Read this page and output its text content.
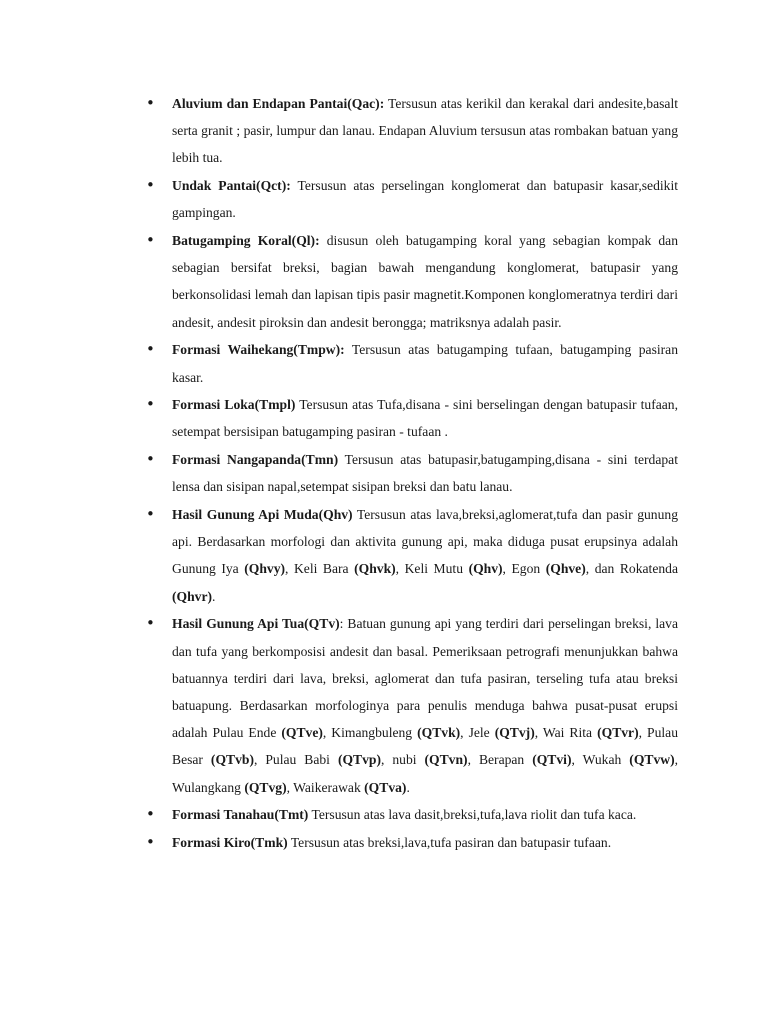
• Aluvium dan Endapan Pantai(Qac): Tersusun atas kerikil dan kerakal dari andesite,basalt serta granit ; pasir, lumpur dan lanau. Endapan Aluvium tersusun atas rombakan batuan yang lebih tua.
• Undak Pantai(Qct): Tersusun atas perselingan konglomerat dan batupasir kasar,sedikit gampingan.
• Batugamping Koral(Ql): disusun oleh batugamping koral yang sebagian kompak dan sebagian bersifat breksi, bagian bawah mengandung konglomerat, batupasir yang berkonsolidasi lemah dan lapisan tipis pasir magnetit.Komponen konglomeratnya terdiri dari andesit, andesit piroksin dan andesit berongga; matriksnya adalah pasir.
• Formasi Waihekang(Tmpw): Tersusun atas batugamping tufaan, batugamping pasiran kasar.
• Formasi Loka(Tmpl) Tersusun atas Tufa,disana - sini berselingan dengan batupasir tufaan, setempat bersisipan batugamping pasiran - tufaan .
• Formasi Nangapanda(Tmn) Tersusun atas batupasir,batugamping,disana - sini terdapat lensa dan sisipan napal,setempat sisipan breksi dan batu lanau.
• Hasil Gunung Api Muda(Qhv) Tersusun atas lava,breksi,aglomerat,tufa dan pasir gunung api. Berdasarkan morfologi dan aktivita gunung api, maka diduga pusat erupsinya adalah Gunung Iya (Qhvy), Keli Bara (Qhvk), Keli Mutu (Qhv), Egon (Qhve), dan Rokatenda (Qhvr).
• Hasil Gunung Api Tua(QTv): Batuan gunung api yang terdiri dari perselingan breksi, lava dan tufa yang berkomposisi andesit dan basal. Pemeriksaan petrografi menunjukkan bahwa batuannya terdiri dari lava, breksi, aglomerat dan tufa pasiran, terseling tufa atau breksi batuapung. Berdasarkan morfologinya para penulis menduga bahwa pusat-pusat erupsi adalah Pulau Ende (QTve), Kimangbuleng (QTvk), Jele (QTvj), Wai Rita (QTvr), Pulau Besar (QTvb), Pulau Babi (QTvp), nubi (QTvn), Berapan (QTvi), Wukah (QTvw), Wulangkang (QTvg), Waikerawak (QTva).
• Formasi Tanahau(Tmt) Tersusun atas lava dasit,breksi,tufa,lava riolit dan tufa kaca.
• Formasi Kiro(Tmk) Tersusun atas breksi,lava,tufa pasiran dan batupasir tufaan.
